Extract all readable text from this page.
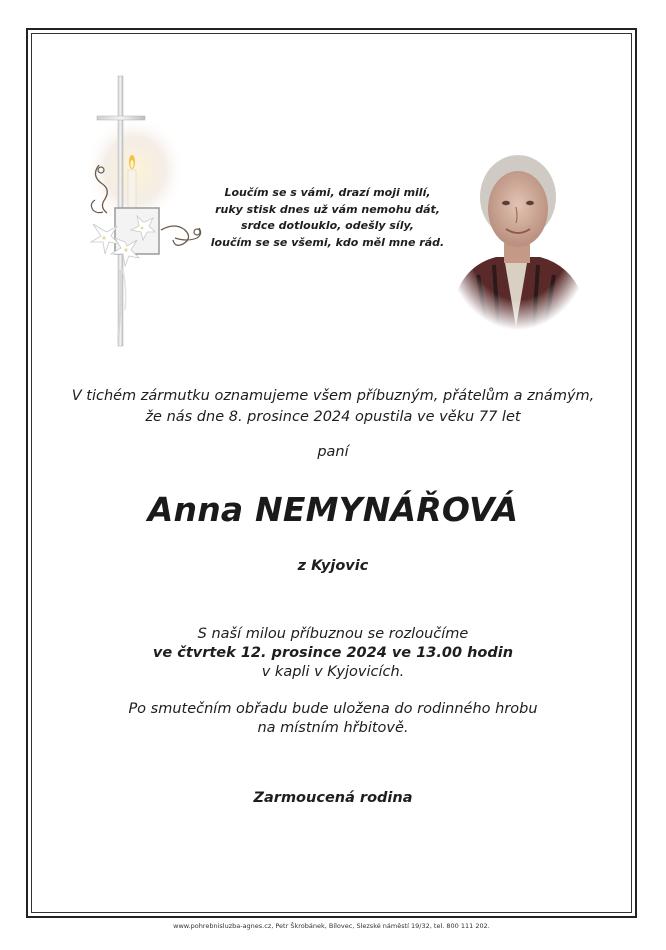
Loučím se s vámi, drazí moji milí,
ruky stisk dnes už vám nemohu dát,
srdce dotlouklo, odešly síly,
loučím se se všemi, kdo měl mne rád.
V tichém zármutku oznamujeme všem příbuzným, přátelům a známým,
že nás dne 8. prosince 2024 opustila ve věku 77 let
paní
Anna NEMYNÁŘOVÁ
z Kyjovic
S naší milou příbuznou se rozloučíme
ve čtvrtek 12. prosince 2024 ve 13.00 hodin
v kapli v Kyjovicích.
Po smutečním obřadu bude uložena do rodinného hrobu
na místním hřbitově.
Zarmoucená rodina
www.pohrebnisluzba-agnes.cz, Petr Škrobánek, Bílovec, Slezské náměstí 19/32, tel. 800 111 202.
